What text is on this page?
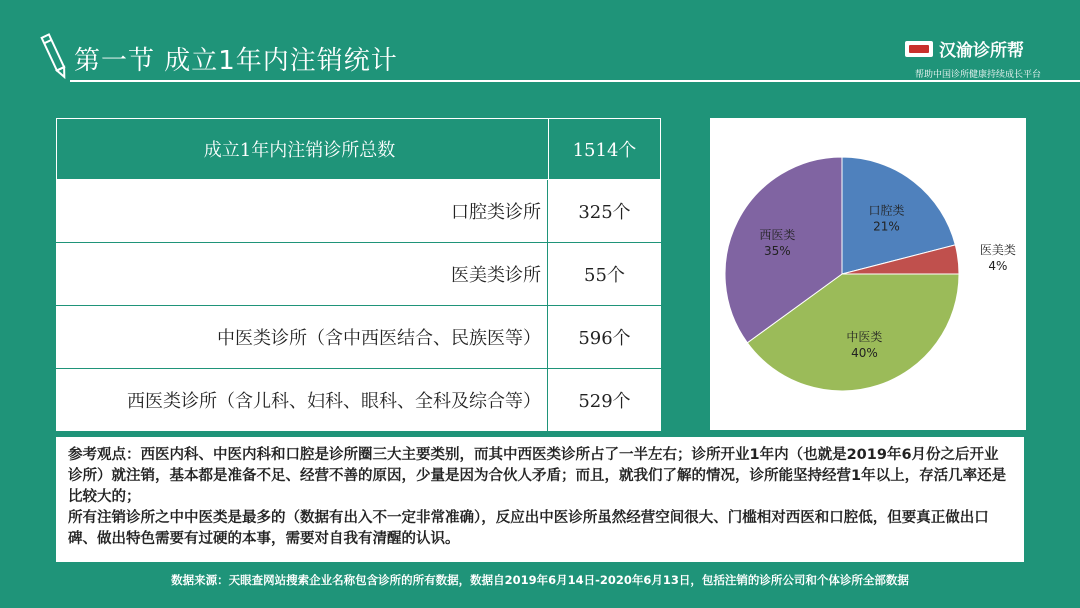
第一节 成立1年内注销统计	汉渝诊所帮
帮助中国诊所健康持续成长平台
成立1年内注销诊所总数	1514个
口腔类诊所	325个
医美类诊所	55个
中医类诊所（含中西医结合、民族医等）	596个
西医类诊所（含儿科、妇科、眼科、全科及综合等）	529个
口腔类
21%
医美类
4%
中医类
40%
西医类
35%

参考观点：西医内科、中医内科和口腔是诊所圈三大主要类别，而其中西医类诊所占了一半左右；诊所开业1年内（也就是2019年6月份之后开业诊所）就注销，基本都是准备不足、经营不善的原因，少量是因为合伙人矛盾；而且，就我们了解的情况，诊所能坚持经营1年以上，存活几率还是比较大的；

所有注销诊所之中中医类是最多的（数据有出入不一定非常准确），反应出中医诊所虽然经营空间很大、门槛相对西医和口腔低，但要真正做出口碑、做出特色需要有过硬的本事，需要对自我有清醒的认识。

数据来源：天眼查网站搜索企业名称包含诊所的所有数据，数据自2019年6月14日-2020年6月13日，包括注销的诊所公司和个体诊所全部数据
